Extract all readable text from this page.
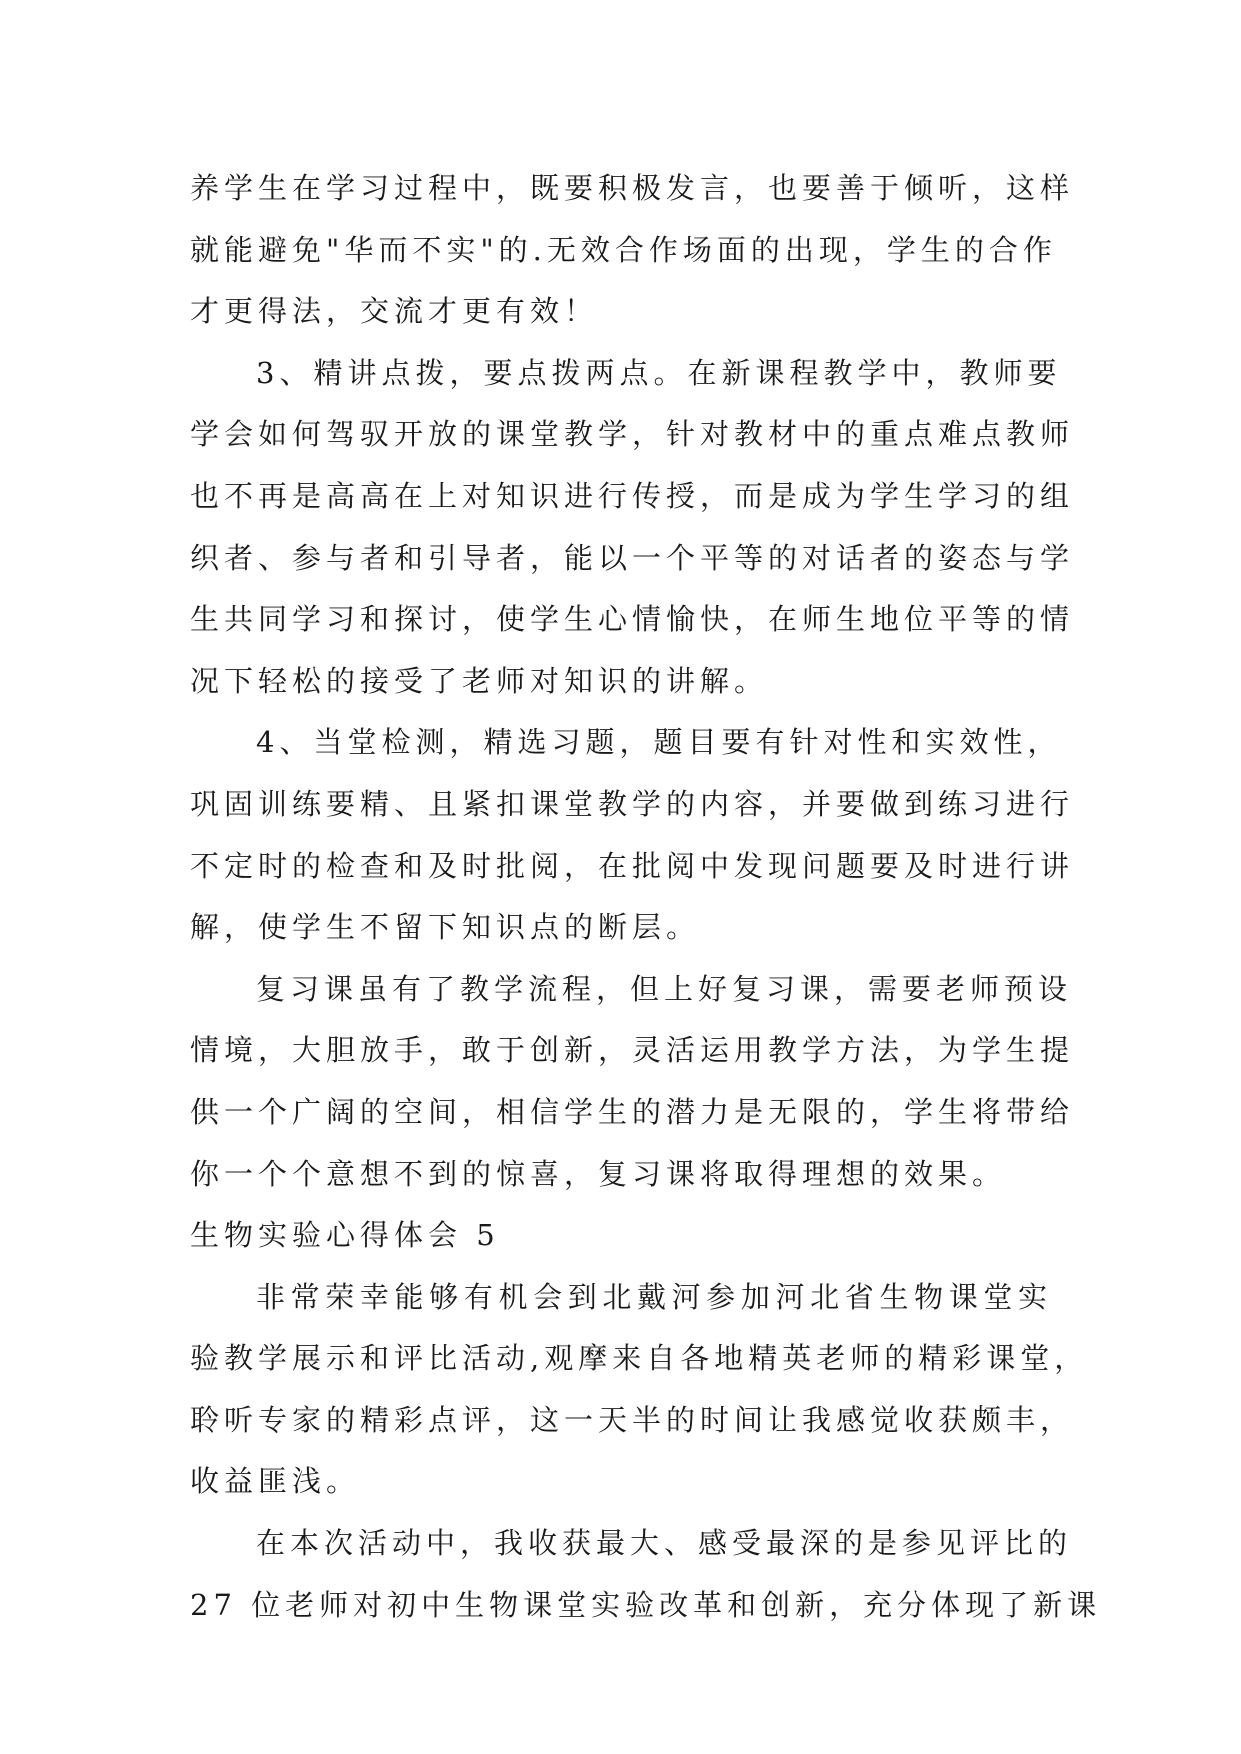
养学生在学习过程中，既要积极发言，也要善于倾听，这样
就能避免"华而不实"的.无效合作场面的出现，学生的合作
才更得法，交流才更有效！
3、精讲点拨，要点拨两点。在新课程教学中，教师要
学会如何驾驭开放的课堂教学，针对教材中的重点难点教师
也不再是高高在上对知识进行传授，而是成为学生学习的组
织者、参与者和引导者，能以一个平等的对话者的姿态与学
生共同学习和探讨，使学生心情愉快，在师生地位平等的情
况下轻松的接受了老师对知识的讲解。
4、当堂检测，精选习题，题目要有针对性和实效性，
巩固训练要精、且紧扣课堂教学的内容，并要做到练习进行
不定时的检查和及时批阅，在批阅中发现问题要及时进行讲
解，使学生不留下知识点的断层。
复习课虽有了教学流程，但上好复习课，需要老师预设
情境，大胆放手，敢于创新，灵活运用教学方法，为学生提
供一个广阔的空间，相信学生的潜力是无限的，学生将带给
你一个个意想不到的惊喜，复习课将取得理想的效果。
生物实验心得体会 5
非常荣幸能够有机会到北戴河参加河北省生物课堂实
验教学展示和评比活动,观摩来自各地精英老师的精彩课堂，
聆听专家的精彩点评，这一天半的时间让我感觉收获颇丰，
收益匪浅。
在本次活动中，我收获最大、感受最深的是参见评比的
27 位老师对初中生物课堂实验改革和创新，充分体现了新课
